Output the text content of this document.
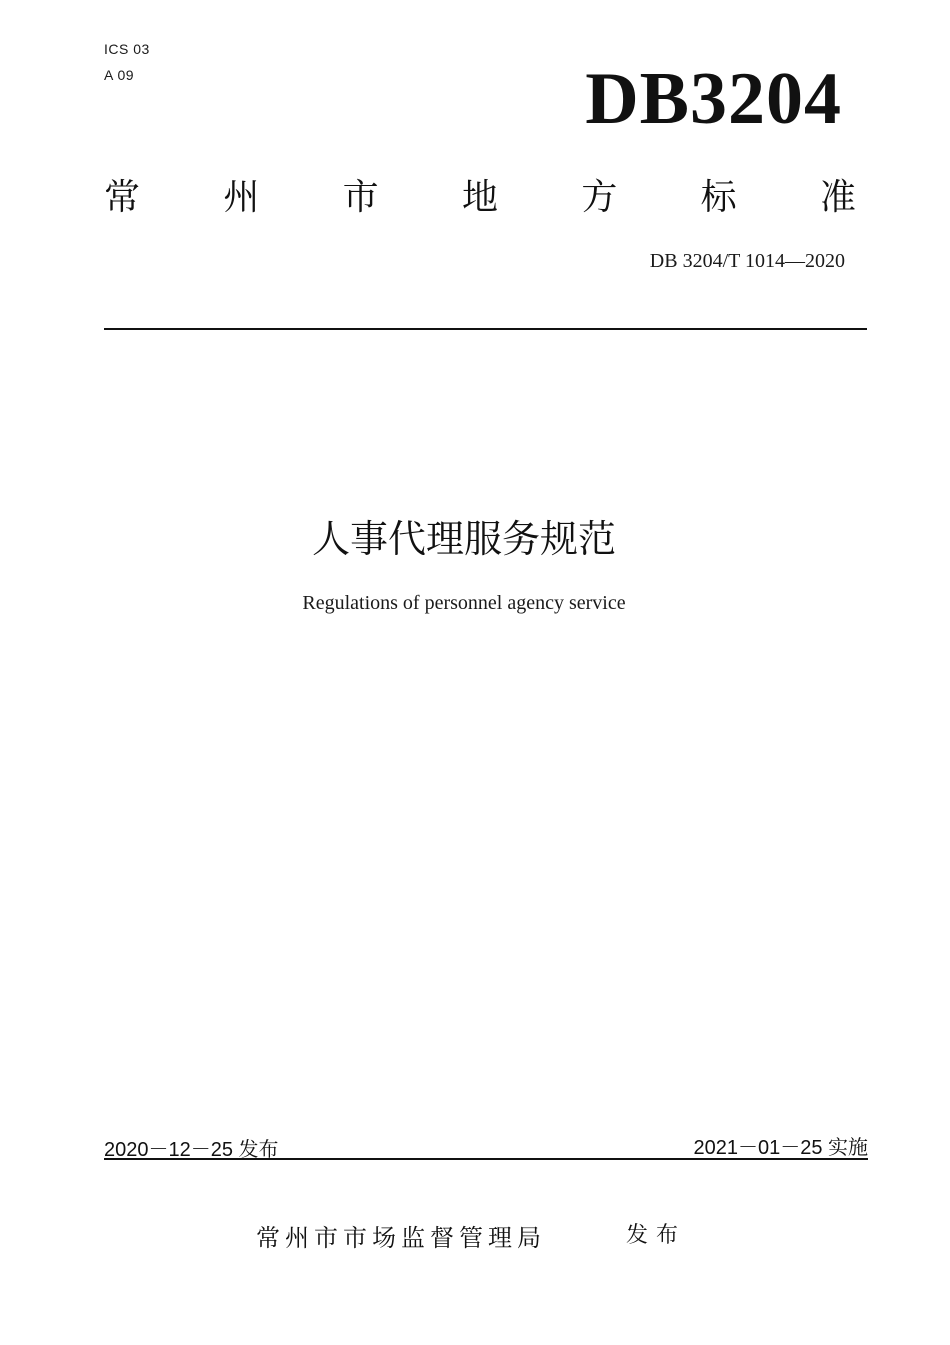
ICS 03
A 09	DB3204
常 州 市 地 方 标 准
DB 3204/T 1014—2020
人事代理服务规范
Regulations of personnel agency service
2020－12－25 发布	2021－01－25 实施
常州市市场监督管理局	发布
